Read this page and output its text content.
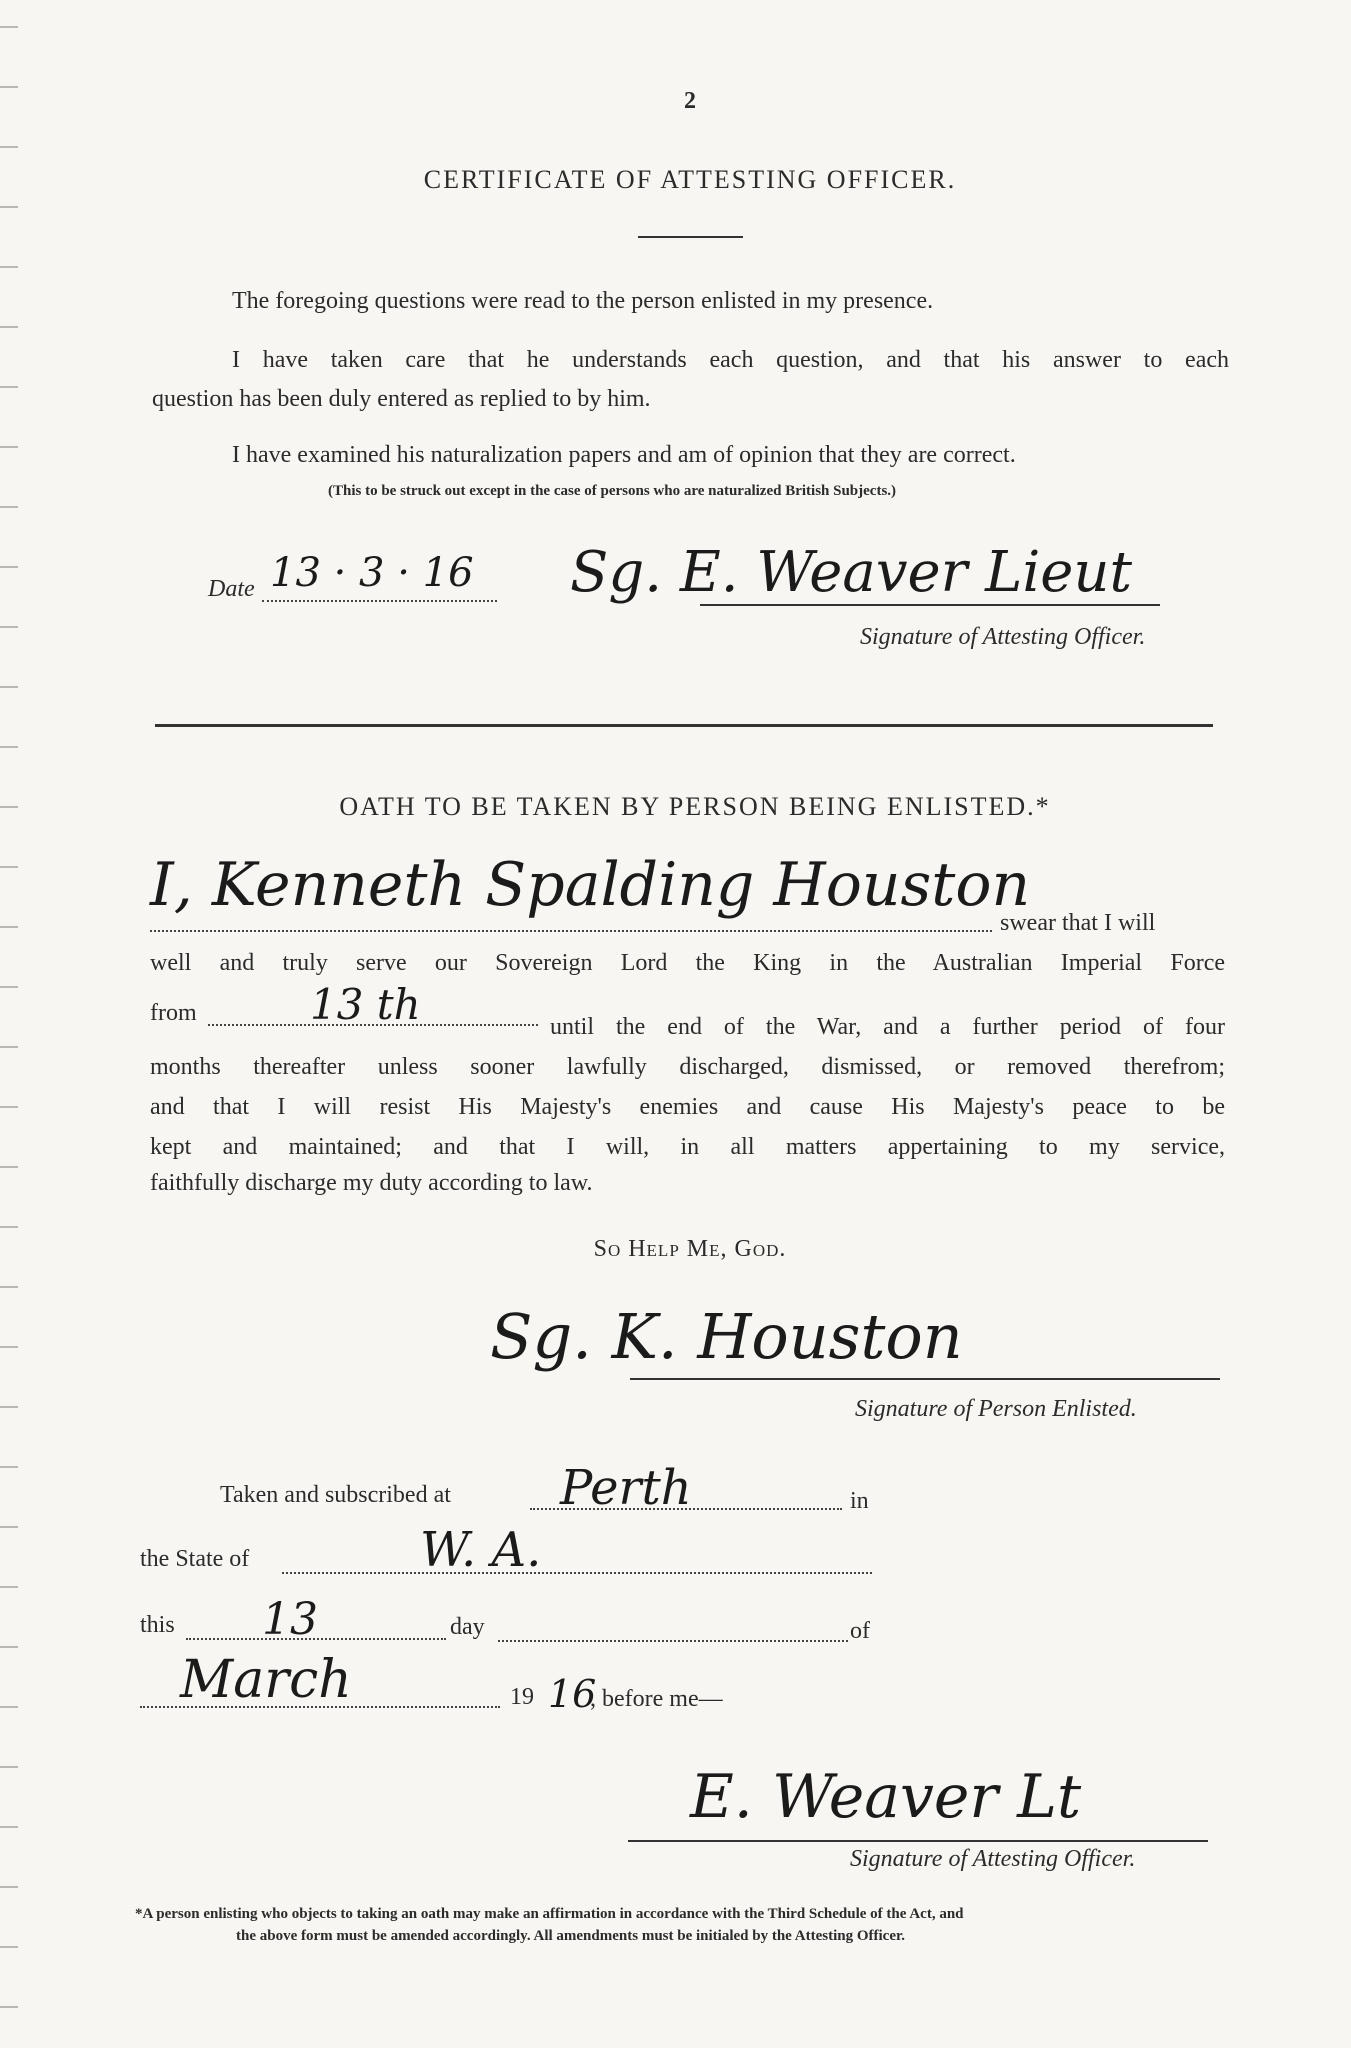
2
CERTIFICATE OF ATTESTING OFFICER.
The foregoing questions were read to the person enlisted in my presence.
I have taken care that he understands each question, and that his answer to each
question has been duly entered as replied to by him.
I have examined his naturalization papers and am of opinion that they are correct.
(This to be struck out except in the case of persons who are naturalized British Subjects.)
Date 13 · 3 · 16 Sg. E. Weaver Lieut
Signature of Attesting Officer.
OATH TO BE TAKEN BY PERSON BEING ENLISTED.*
I, Kenneth Spalding Houston
swear that I will
well and truly serve our Sovereign Lord the King in the Australian Imperial Force
from	13 th	until the end of the War, and a further period of four
months thereafter unless sooner lawfully discharged, dismissed, or removed therefrom;
and that I will resist His Majesty's enemies and cause His Majesty's peace to be
kept and maintained; and that I will, in all matters appertaining to my service,
faithfully discharge my duty according to law.
So Help Me, God.
Sg. K. Houston
Signature of Person Enlisted.
Taken and subscribed at Perth	in
the State of	W. A.
this 13	day	of
March	19 16
, before me—
E. Weaver Lt
Signature of Attesting Officer.
*A person enlisting who objects to taking an oath may make an affirmation in accordance with the Third Schedule of the Act, and
the above form must be amended accordingly. All amendments must be initialed by the Attesting Officer.
